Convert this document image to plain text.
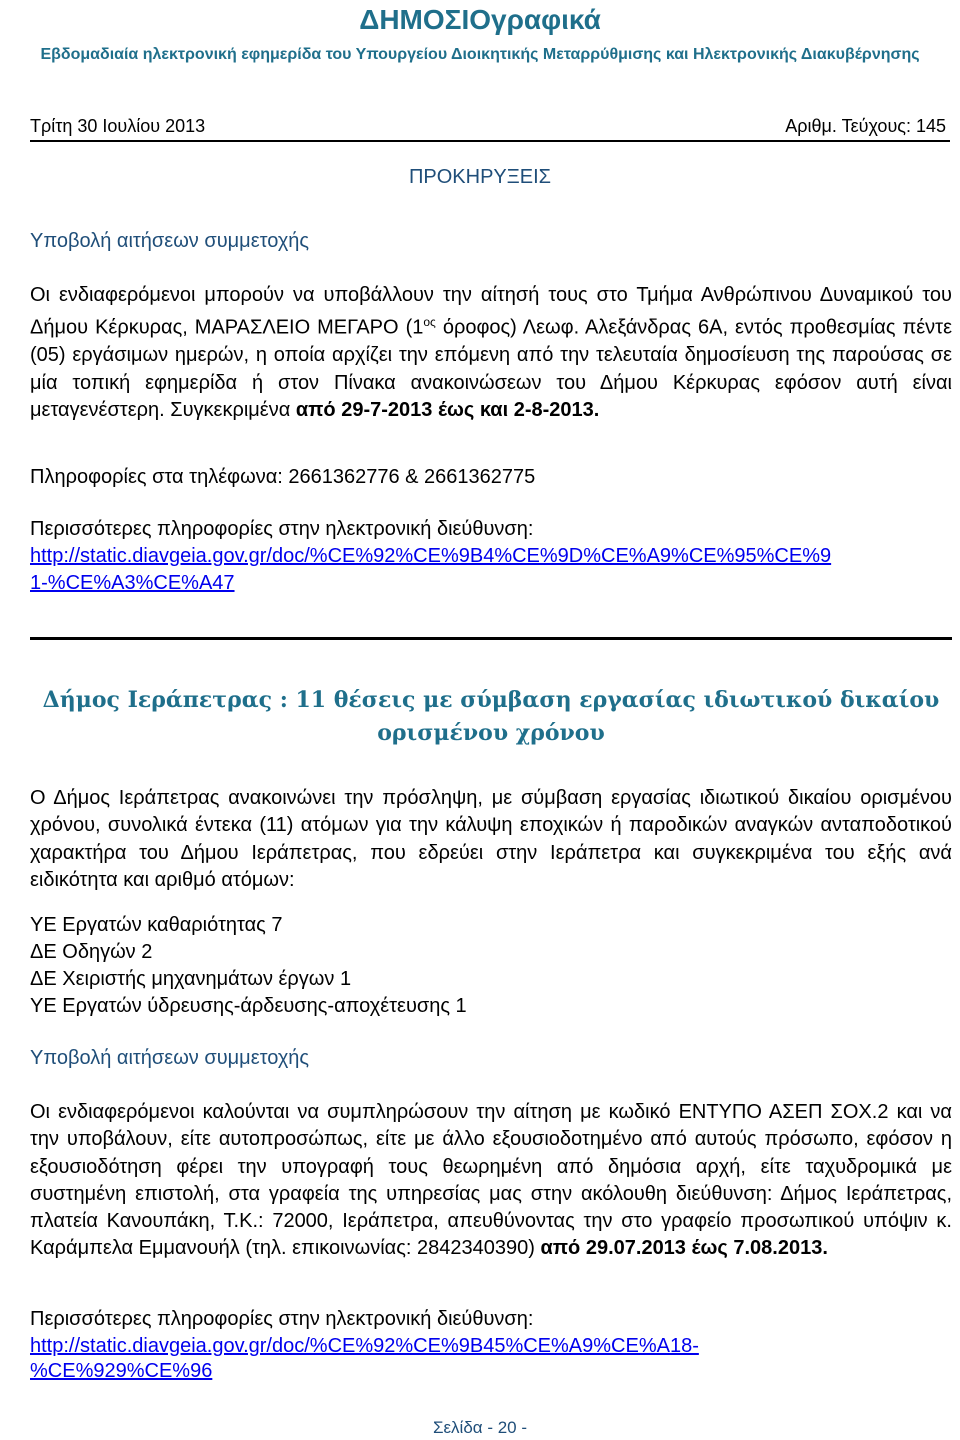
ΔΗΜΟΣΙΟγραφικά
Εβδομαδιαία ηλεκτρονική εφημερίδα του Υπουργείου Διοικητικής Μεταρρύθμισης και Ηλεκτρονικής Διακυβέρνησης
Τρίτη 30 Ιουλίου 2013	Αριθμ. Τεύχους: 145
ΠΡΟΚΗΡΥΞΕΙΣ
Υποβολή αιτήσεων συμμετοχής
Οι ενδιαφερόμενοι μπορούν να υποβάλλουν την αίτησή τους στο Τμήμα Ανθρώπινου Δυναμικού του Δήμου Κέρκυρας, ΜΑΡΑΣΛΕΙΟ ΜΕΓΑΡΟ ($1^{o\varsigma}$ όροφος) Λεωφ. Αλεξάνδρας 6Α, εντός προθεσμίας πέντε (05) εργάσιμων ημερών, η οποία αρχίζει την επόμενη από την τελευταία δημοσίευση της παρούσας σε μία τοπική εφημερίδα ή στον Πίνακα ανακοινώσεων του Δήμου Κέρκυρας εφόσον αυτή είναι μεταγενέστερη. Συγκεκριμένα από 29-7-2013 έως και 2-8-2013.
Πληροφορίες στα τηλέφωνα: 2661362776 & 2661362775
Περισσότερες πληροφορίες στην ηλεκτρονική διεύθυνση:
http://static.diavgeia.gov.gr/doc/%CE%92%CE%9B4%CE%9D%CE%A9%CE%95%CE%9
1-%CE%A3%CE%A47
Δήμος Ιεράπετρας : 11 θέσεις με σύμβαση εργασίας ιδιωτικού δικαίου ορισμένου χρόνου
Ο Δήμος Ιεράπετρας ανακοινώνει την πρόσληψη, με σύμβαση εργασίας ιδιωτικού δικαίου ορισμένου χρόνου, συνολικά έντεκα (11) ατόμων για την κάλυψη εποχικών ή παροδικών αναγκών ανταποδοτικού χαρακτήρα του Δήμου Ιεράπετρας, που εδρεύει στην Ιεράπετρα και συγκεκριμένα του εξής ανά ειδικότητα και αριθμό ατόμων:
ΥΕ Εργατών καθαριότητας 7
ΔΕ Οδηγών 2
ΔΕ Χειριστής μηχανημάτων έργων 1
ΥΕ Εργατών ύδρευσης-άρδευσης-αποχέτευσης 1
Υποβολή αιτήσεων συμμετοχής
Οι ενδιαφερόμενοι καλούνται να συμπληρώσουν την αίτηση με κωδικό ΕΝΤΥΠΟ ΑΣΕΠ ΣΟΧ.2 και να την υποβάλουν, είτε αυτοπροσώπως, είτε με άλλο εξουσιοδοτημένο από αυτούς πρόσωπο, εφόσον η εξουσιοδότηση φέρει την υπογραφή τους θεωρημένη από δημόσια αρχή, είτε ταχυδρομικά με συστημένη επιστολή, στα γραφεία της υπηρεσίας μας στην ακόλουθη διεύθυνση: Δήμος Ιεράπετρας, πλατεία Κανουπάκη, Τ.Κ.: 72000, Ιεράπετρα, απευθύνοντας την στο γραφείο προσωπικού υπόψιν κ. Καράμπελα Εμμανουήλ (τηλ. επικοινωνίας: 2842340390) από 29.07.2013 έως 7.08.2013.
Περισσότερες πληροφορίες στην ηλεκτρονική διεύθυνση:
http://static.diavgeia.gov.gr/doc/%CE%92%CE%9B45%CE%A9%CE%A18-
%CE%929%CE%96
Σελίδα - 20 -
